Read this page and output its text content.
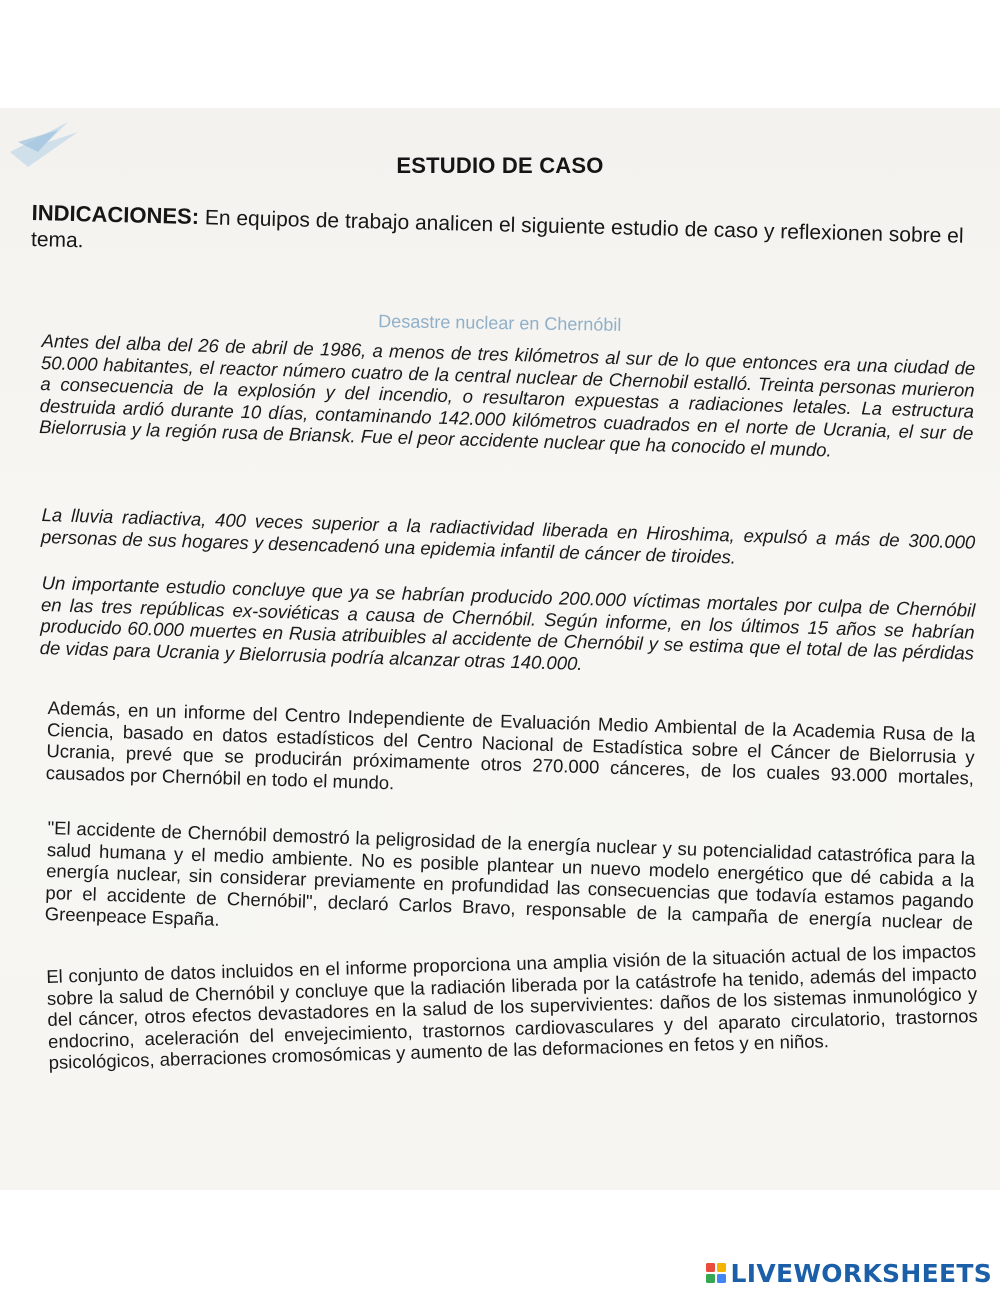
ESTUDIO DE CASO
INDICACIONES: En equipos de trabajo analicen el siguiente estudio de caso y reflexionen sobre el tema.
Desastre nuclear en Chernóbil
Antes del alba del 26 de abril de 1986, a menos de tres kilómetros al sur de lo que entonces era una ciudad de 50.000 habitantes, el reactor número cuatro de la central nuclear de Chernobil estalló. Treinta personas murieron a consecuencia de la explosión y del incendio, o resultaron expuestas a radiaciones letales. La estructura destruida ardió durante 10 días, contaminando 142.000 kilómetros cuadrados en el norte de Ucrania, el sur de Bielorrusia y la región rusa de Briansk. Fue el peor accidente nuclear que ha conocido el mundo.
La lluvia radiactiva, 400 veces superior a la radiactividad liberada en Hiroshima, expulsó a más de 300.000 personas de sus hogares y desencadenó una epidemia infantil de cáncer de tiroides.
Un importante estudio concluye que ya se habrían producido 200.000 víctimas mortales por culpa de Chernóbil en las tres repúblicas ex-soviéticas a causa de Chernóbil. Según informe, en los últimos 15 años se habrían producido 60.000 muertes en Rusia atribuibles al accidente de Chernóbil y se estima que el total de las pérdidas de vidas para Ucrania y Bielorrusia podría alcanzar otras 140.000.
Además, en un informe del Centro Independiente de Evaluación Medio Ambiental de la Academia Rusa de la Ciencia, basado en datos estadísticos del Centro Nacional de Estadística sobre el Cáncer de Bielorrusia y Ucrania, prevé que se producirán próximamente otros 270.000 cánceres, de los cuales 93.000 mortales, causados por Chernóbil en todo el mundo.
"El accidente de Chernóbil demostró la peligrosidad de la energía nuclear y su potencialidad catastrófica para la salud humana y el medio ambiente. No es posible plantear un nuevo modelo energético que dé cabida a la energía nuclear, sin considerar previamente en profundidad las consecuencias que todavía estamos pagando por el accidente de Chernóbil", declaró Carlos Bravo, responsable de la campaña de energía nuclear de Greenpeace España.
El conjunto de datos incluidos en el informe proporciona una amplia visión de la situación actual de los impactos sobre la salud de Chernóbil y concluye que la radiación liberada por la catástrofe ha tenido, además del impacto del cáncer, otros efectos devastadores en la salud de los supervivientes: daños de los sistemas inmunológico y endocrino, aceleración del envejecimiento, trastornos cardiovasculares y del aparato circulatorio, trastornos psicológicos, aberraciones cromosómicas y aumento de las deformaciones en fetos y en niños.
LIVEWORKSHEETS
